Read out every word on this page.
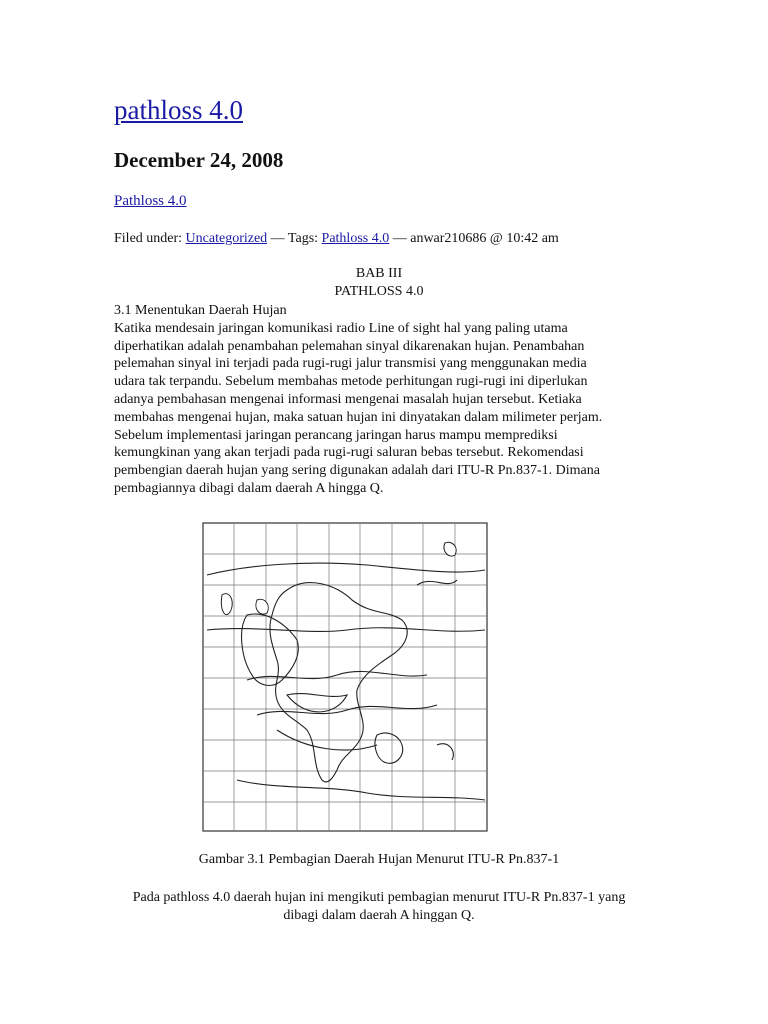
pathloss 4.0
December 24, 2008
Pathloss 4.0
Filed under: Uncategorized — Tags: Pathloss 4.0 — anwar210686 @ 10:42 am
BAB III
PATHLOSS 4.0
3.1 Menentukan Daerah Hujan
Katika mendesain jaringan komunikasi radio Line of sight hal yang paling utama
diperhatikan adalah penambahan pelemahan sinyal dikarenakan hujan. Penambahan
pelemahan sinyal ini terjadi pada rugi-rugi jalur transmisi yang menggunakan media
udara tak terpandu. Sebelum membahas metode perhitungan rugi-rugi ini diperlukan
adanya pembahasan mengenai informasi mengenai masalah hujan tersebut. Ketiaka
membahas mengenai hujan, maka satuan hujan ini dinyatakan dalam milimeter perjam.
Sebelum implementasi jaringan perancang jaringan harus mampu memprediksi
kemungkinan yang akan terjadi pada rugi-rugi saluran bebas tersebut. Rekomendasi
pembengian daerah hujan yang sering digunakan adalah dari ITU-R Pn.837-1. Dimana
pembagiannya dibagi dalam daerah A hingga Q.
Gambar 3.1 Pembagian Daerah Hujan Menurut ITU-R Pn.837-1
Pada pathloss 4.0 daerah hujan ini mengikuti pembagian menurut ITU-R Pn.837-1 yang
dibagi dalam daerah A hinggan Q.
